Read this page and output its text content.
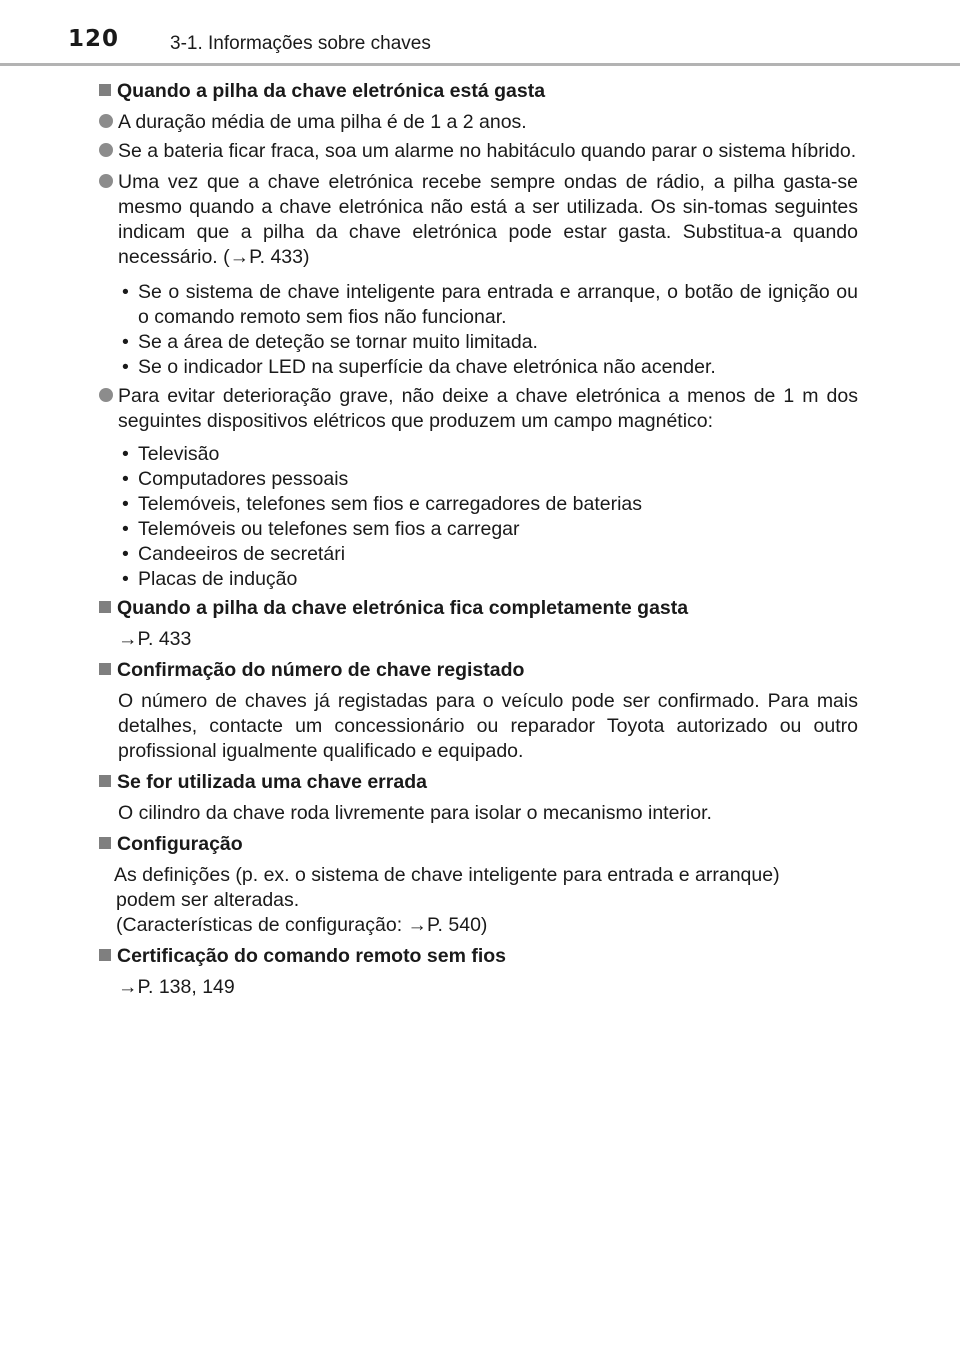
120	3-1. Informações sobre chaves
Quando a pilha da chave eletrónica está gasta
A duração média de uma pilha é de 1 a 2 anos.
Se a bateria ficar fraca, soa um alarme no habitáculo quando parar o sistema híbrido.
Uma vez que a chave eletrónica recebe sempre ondas de rádio, a pilha gasta-se mesmo quando a chave eletrónica não está a ser utilizada. Os sin-tomas seguintes indicam que a pilha da chave eletrónica pode estar gasta. Substitua-a quando necessário. (→P. 433)
• Se o sistema de chave inteligente para entrada e arranque, o botão de ignição ou o comando remoto sem fios não funcionar.
• Se a área de deteção se tornar muito limitada.
• Se o indicador LED na superfície da chave eletrónica não acender.
Para evitar deterioração grave, não deixe a chave eletrónica a menos de 1 m dos seguintes dispositivos elétricos que produzem um campo magnético:
• Televisão
• Computadores pessoais
• Telemóveis, telefones sem fios e carregadores de baterias
• Telemóveis ou telefones sem fios a carregar
• Candeeiros de secretári
• Placas de indução
Quando a pilha da chave eletrónica fica completamente gasta
→P. 433
Confirmação do número de chave registado
O número de chaves já registadas para o veículo pode ser confirmado. Para mais detalhes, contacte um concessionário ou reparador Toyota autorizado ou outro profissional igualmente qualificado e equipado.
Se for utilizada uma chave errada
O cilindro da chave roda livremente para isolar o mecanismo interior.
Configuração
As definições (p. ex. o sistema de chave inteligente para entrada e arranque)
podem ser alteradas.
(Características de configuração: →P. 540)
Certificação do comando remoto sem fios
→P. 138, 149
